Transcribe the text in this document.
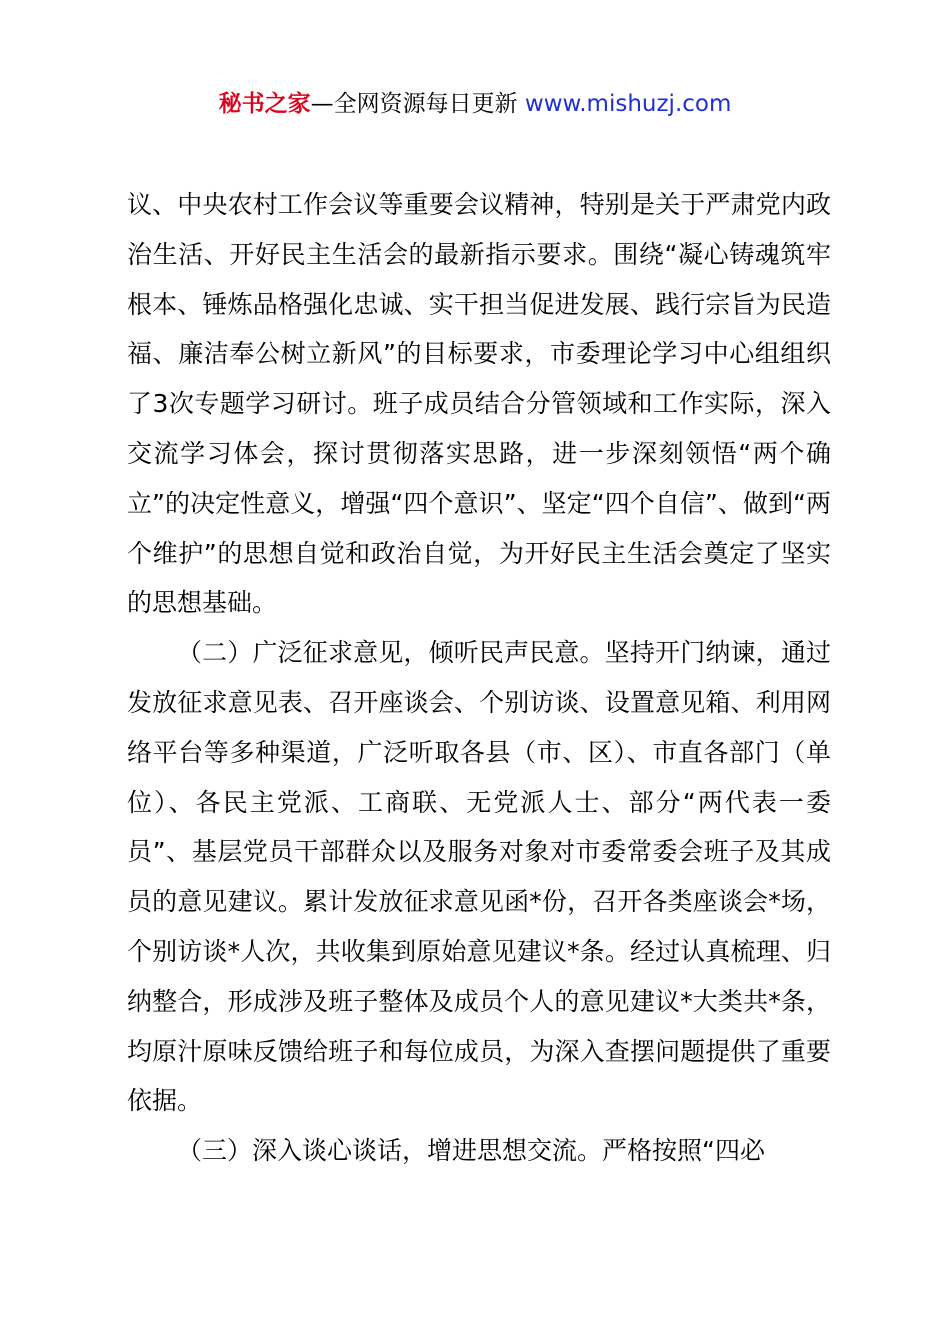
秘书之家—全网资源每日更新 www.mishuzj.com

议、中央农村工作会议等重要会议精神，特别是关于严肃党内政治生活、开好民主生活会的最新指示要求。围绕“凝心铸魂筑牢根本、锤炼品格强化忠诚、实干担当促进发展、践行宗旨为民造福、廉洁奉公树立新风”的目标要求，市委理论学习中心组组织了3次专题学习研讨。班子成员结合分管领域和工作实际，深入交流学习体会，探讨贯彻落实思路，进一步深刻领悟“两个确立”的决定性意义，增强“四个意识”、坚定“四个自信”、做到“两个维护”的思想自觉和政治自觉，为开好民主生活会奠定了坚实的思想基础。

（二）广泛征求意见，倾听民声民意。坚持开门纳谏，通过发放征求意见表、召开座谈会、个别访谈、设置意见箱、利用网络平台等多种渠道，广泛听取各县（市、区）、市直各部门（单位）、各民主党派、工商联、无党派人士、部分“两代表一委员”、基层党员干部群众以及服务对象对市委常委会班子及其成员的意见建议。累计发放征求意见函*份，召开各类座谈会*场，个别访谈*人次，共收集到原始意见建议*条。经过认真梳理、归纳整合，形成涉及班子整体及成员个人的意见建议*大类共*条，均原汁原味反馈给班子和每位成员，为深入查摆问题提供了重要依据。

（三）深入谈心谈话，增进思想交流。严格按照“四必
